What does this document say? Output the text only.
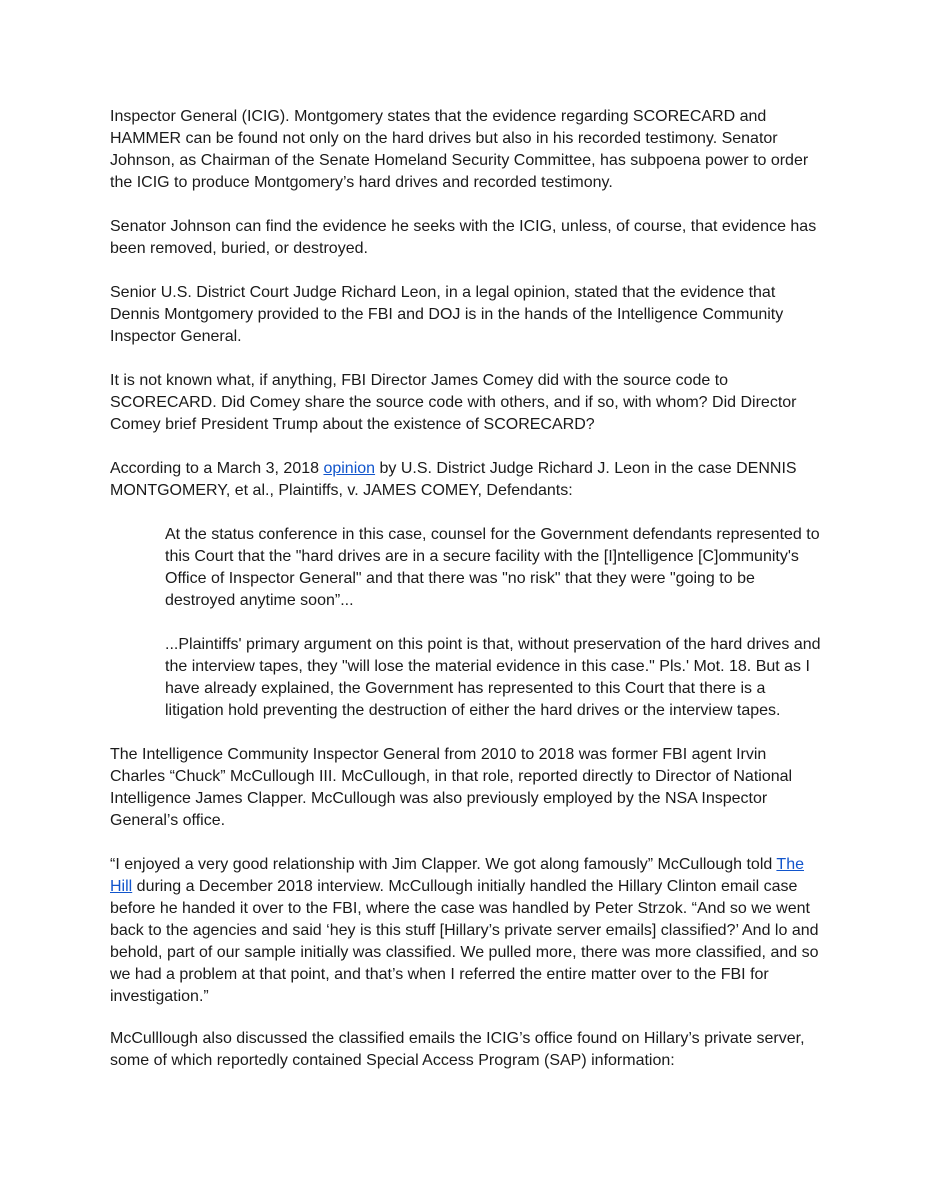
Inspector General (ICIG). Montgomery states that the evidence regarding SCORECARD and HAMMER can be found not only on the hard drives but also in his recorded testimony. Senator Johnson, as Chairman of the Senate Homeland Security Committee, has subpoena power to order the ICIG to produce Montgomery’s hard drives and recorded testimony.

Senator Johnson can find the evidence he seeks with the ICIG, unless, of course, that evidence has been removed, buried, or destroyed.

Senior U.S. District Court Judge Richard Leon, in a legal opinion, stated that the evidence that Dennis Montgomery provided to the FBI and DOJ is in the hands of the Intelligence Community Inspector General.

It is not known what, if anything, FBI Director James Comey did with the source code to SCORECARD. Did Comey share the source code with others, and if so, with whom? Did Director Comey brief President Trump about the existence of SCORECARD?

According to a March 3, 2018 opinion by U.S. District Judge Richard J. Leon in the case DENNIS MONTGOMERY, et al., Plaintiffs, v. JAMES COMEY, Defendants:

At the status conference in this case, counsel for the Government defendants represented to this Court that the "hard drives are in a secure facility with the [I]ntelligence [C]ommunity's Office of Inspector General" and that there was "no risk" that they were "going to be destroyed anytime soon”...

...Plaintiffs' primary argument on this point is that, without preservation of the hard drives and the interview tapes, they "will lose the material evidence in this case." Pls.' Mot. 18. But as I have already explained, the Government has represented to this Court that there is a litigation hold preventing the destruction of either the hard drives or the interview tapes.

The Intelligence Community Inspector General from 2010 to 2018 was former FBI agent Irvin Charles “Chuck” McCullough III. McCullough, in that role, reported directly to Director of National Intelligence James Clapper. McCullough was also previously employed by the NSA Inspector General’s office.

“I enjoyed a very good relationship with Jim Clapper. We got along famously” McCullough told The Hill during a December 2018 interview. McCullough initially handled the Hillary Clinton email case before he handed it over to the FBI, where the case was handled by Peter Strzok. “And so we went back to the agencies and said ‘hey is this stuff [Hillary’s private server emails] classified?’ And lo and behold, part of our sample initially was classified. We pulled more, there was more classified, and so we had a problem at that point, and that’s when I referred the entire matter over to the FBI for investigation.”

McCulllough also discussed the classified emails the ICIG’s office found on Hillary’s private server, some of which reportedly contained Special Access Program (SAP) information:
